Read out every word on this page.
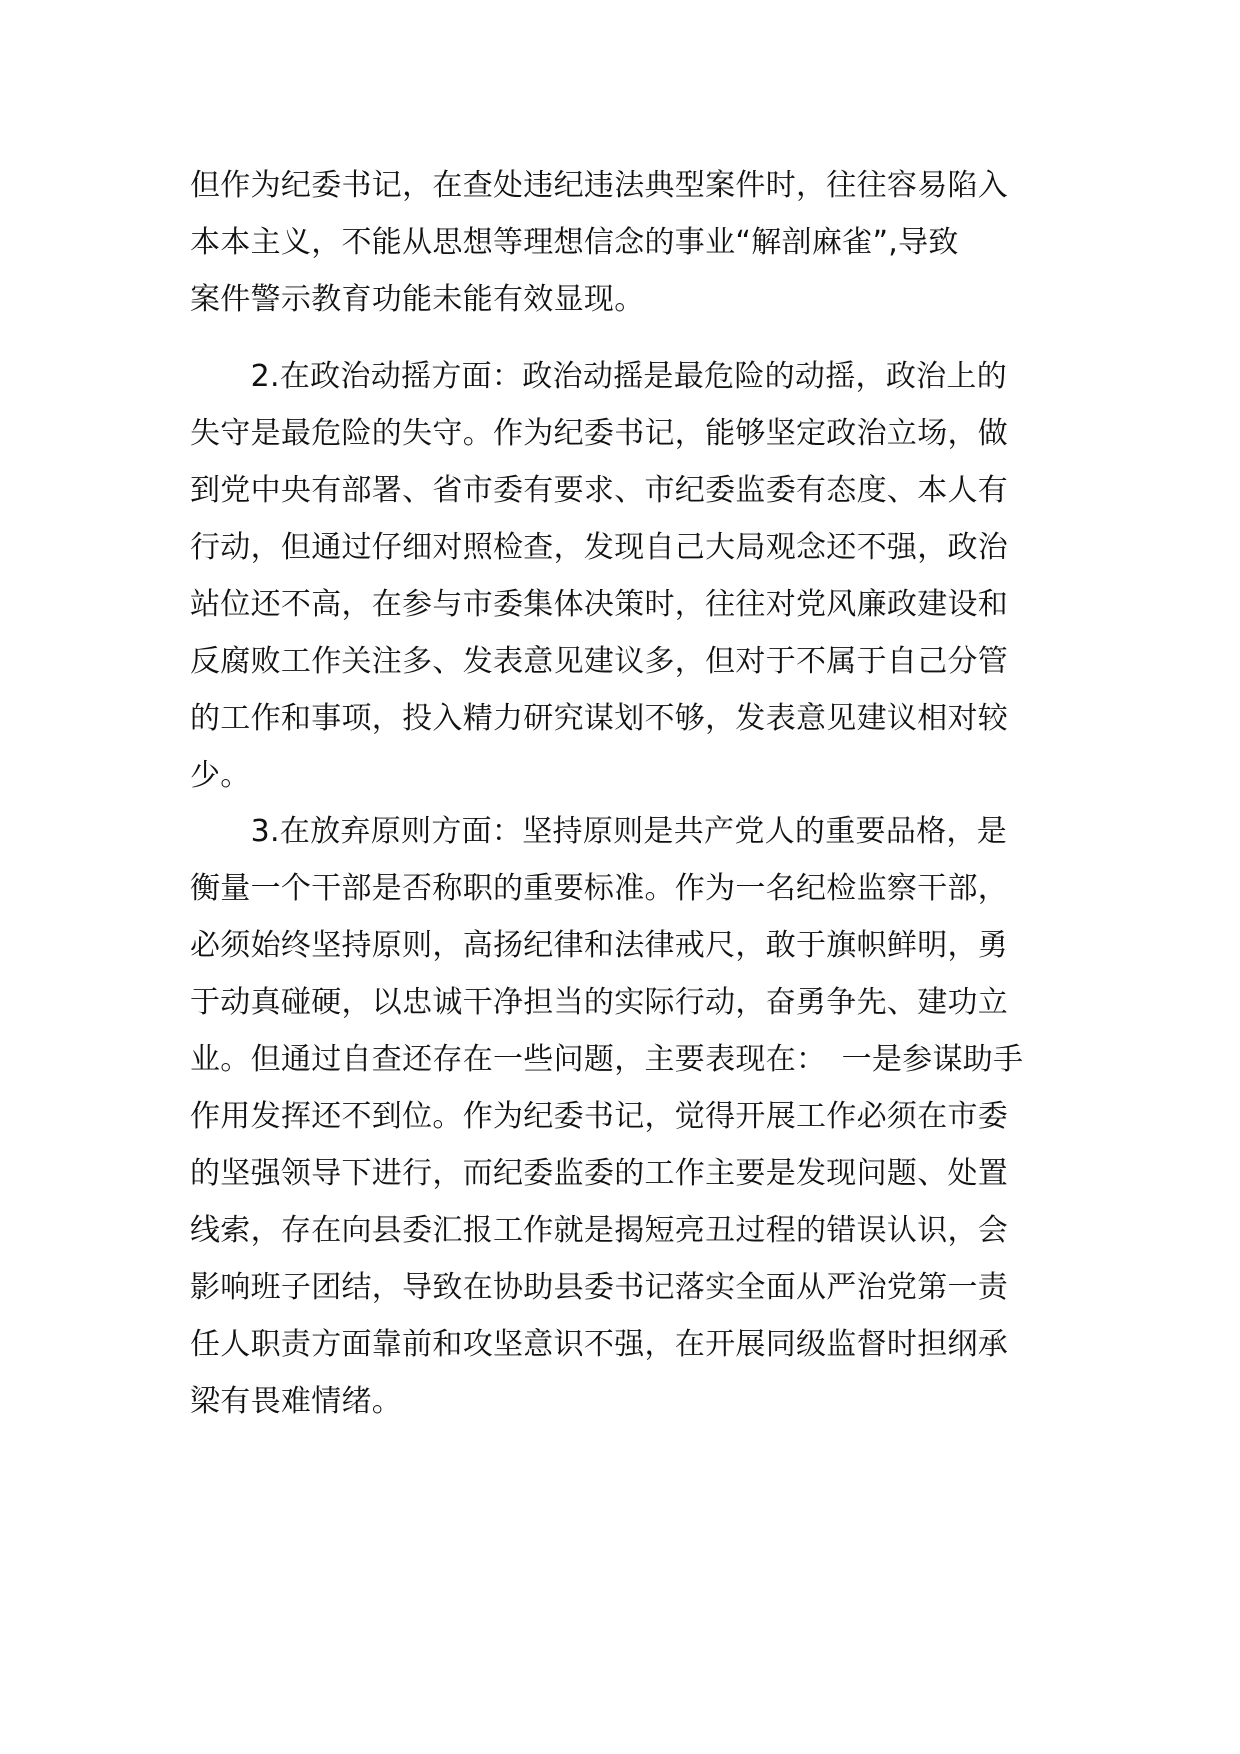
但作为纪委书记，在查处违纪违法典型案件时，往往容易陷入
本本主义，不能从思想等理想信念的事业“解剖麻雀”,导致
案件警示教育功能未能有效显现。
　　2.在政治动摇方面：政治动摇是最危险的动摇，政治上的
失守是最危险的失守。作为纪委书记，能够坚定政治立场，做
到党中央有部署、省市委有要求、市纪委监委有态度、本人有
行动，但通过仔细对照检查，发现自己大局观念还不强，政治
站位还不高，在参与市委集体决策时，往往对党风廉政建设和
反腐败工作关注多、发表意见建议多，但对于不属于自己分管
的工作和事项，投入精力研究谋划不够，发表意见建议相对较
少。
　　3.在放弃原则方面：坚持原则是共产党人的重要品格，是
衡量一个干部是否称职的重要标准。作为一名纪检监察干部，
必须始终坚持原则，高扬纪律和法律戒尺，敢于旗帜鲜明，勇
于动真碰硬，以忠诚干净担当的实际行动，奋勇争先、建功立
业。但通过自查还存在一些问题，主要表现在：　一是参谋助手
作用发挥还不到位。作为纪委书记，觉得开展工作必须在市委
的坚强领导下进行，而纪委监委的工作主要是发现问题、处置
线索，存在向县委汇报工作就是揭短亮丑过程的错误认识，会
影响班子团结，导致在协助县委书记落实全面从严治党第一责
任人职责方面靠前和攻坚意识不强，在开展同级监督时担纲承
梁有畏难情绪。
